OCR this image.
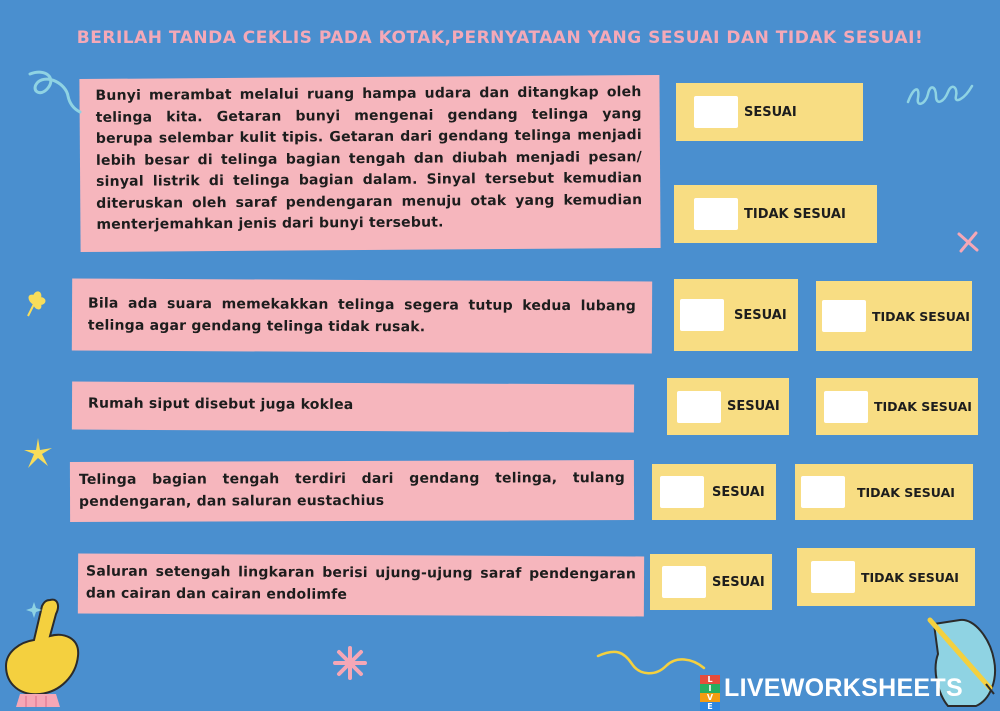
BERILAH TANDA CEKLIS PADA KOTAK,PERNYATAAN YANG SESUAI DAN TIDAK SESUAI!
Bunyi merambat melalui ruang hampa udara dan ditangkap oleh telinga kita. Getaran bunyi mengenai gendang telinga yang berupa selembar kulit tipis. Getaran dari gendang telinga menjadi lebih besar di telinga bagian tengah dan diubah menjadi pesan/ sinyal listrik di telinga bagian dalam. Sinyal tersebut kemudian diteruskan oleh saraf pendengaran menuju otak yang kemudian menterjemahkan jenis dari bunyi tersebut.
SESUAI
TIDAK SESUAI
Bila ada suara memekakkan telinga segera tutup kedua lubang telinga agar gendang telinga tidak rusak.
SESUAI	TIDAK SESUAI
Rumah siput disebut juga koklea	SESUAI	TIDAK SESUAI
Telinga bagian tengah terdiri dari gendang telinga, tulang pendengaran, dan saluran eustachius
SESUAI	TIDAK SESUAI
Saluran setengah lingkaran berisi ujung-ujung saraf pendengaran dan cairan dan cairan endolimfe
SESUAI	TIDAK SESUAI
L
I
V
E
LIVEWORKSHEETS
